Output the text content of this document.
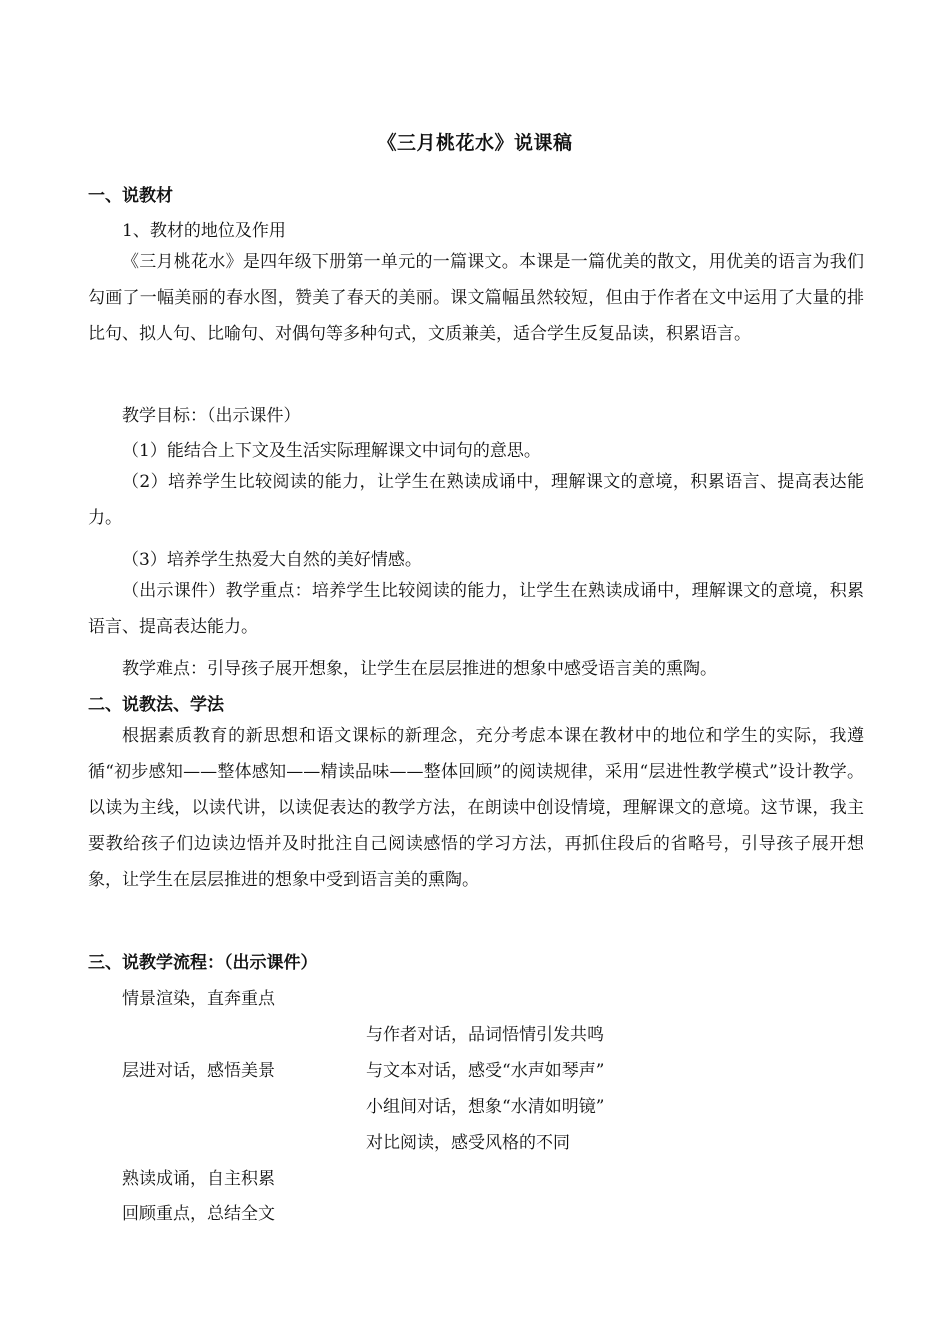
《三月桃花水》说课稿
一、说教材
1、教材的地位及作用
《三月桃花水》是四年级下册第一单元的一篇课文。本课是一篇优美的散文，用优美的语言为我们勾画了一幅美丽的春水图，赞美了春天的美丽。课文篇幅虽然较短，但由于作者在文中运用了大量的排比句、拟人句、比喻句、对偶句等多种句式，文质兼美，适合学生反复品读，积累语言。
教学目标：（出示课件）
（1）能结合上下文及生活实际理解课文中词句的意思。
（2）培养学生比较阅读的能力，让学生在熟读成诵中，理解课文的意境，积累语言、提高表达能力。
（3）培养学生热爱大自然的美好情感。
（出示课件）教学重点：培养学生比较阅读的能力，让学生在熟读成诵中，理解课文的意境，积累语言、提高表达能力。
教学难点：引导孩子展开想象，让学生在层层推进的想象中感受语言美的熏陶。
二、说教法、学法
根据素质教育的新思想和语文课标的新理念，充分考虑本课在教材中的地位和学生的实际，我遵循“初步感知——整体感知——精读品味——整体回顾”的阅读规律，采用“层进性教学模式”设计教学。以读为主线，以读代讲，以读促表达的教学方法，在朗读中创设情境，理解课文的意境。这节课，我主要教给孩子们边读边悟并及时批注自己阅读感悟的学习方法，再抓住段后的省略号，引导孩子展开想象，让学生在层层推进的想象中受到语言美的熏陶。
三、说教学流程：（出示课件）
情景渲染，直奔重点
与作者对话，品词悟情引发共鸣
层进对话，感悟美景	与文本对话，感受“水声如琴声”
小组间对话，想象“水清如明镜”
对比阅读，感受风格的不同
熟读成诵，自主积累
回顾重点，总结全文
